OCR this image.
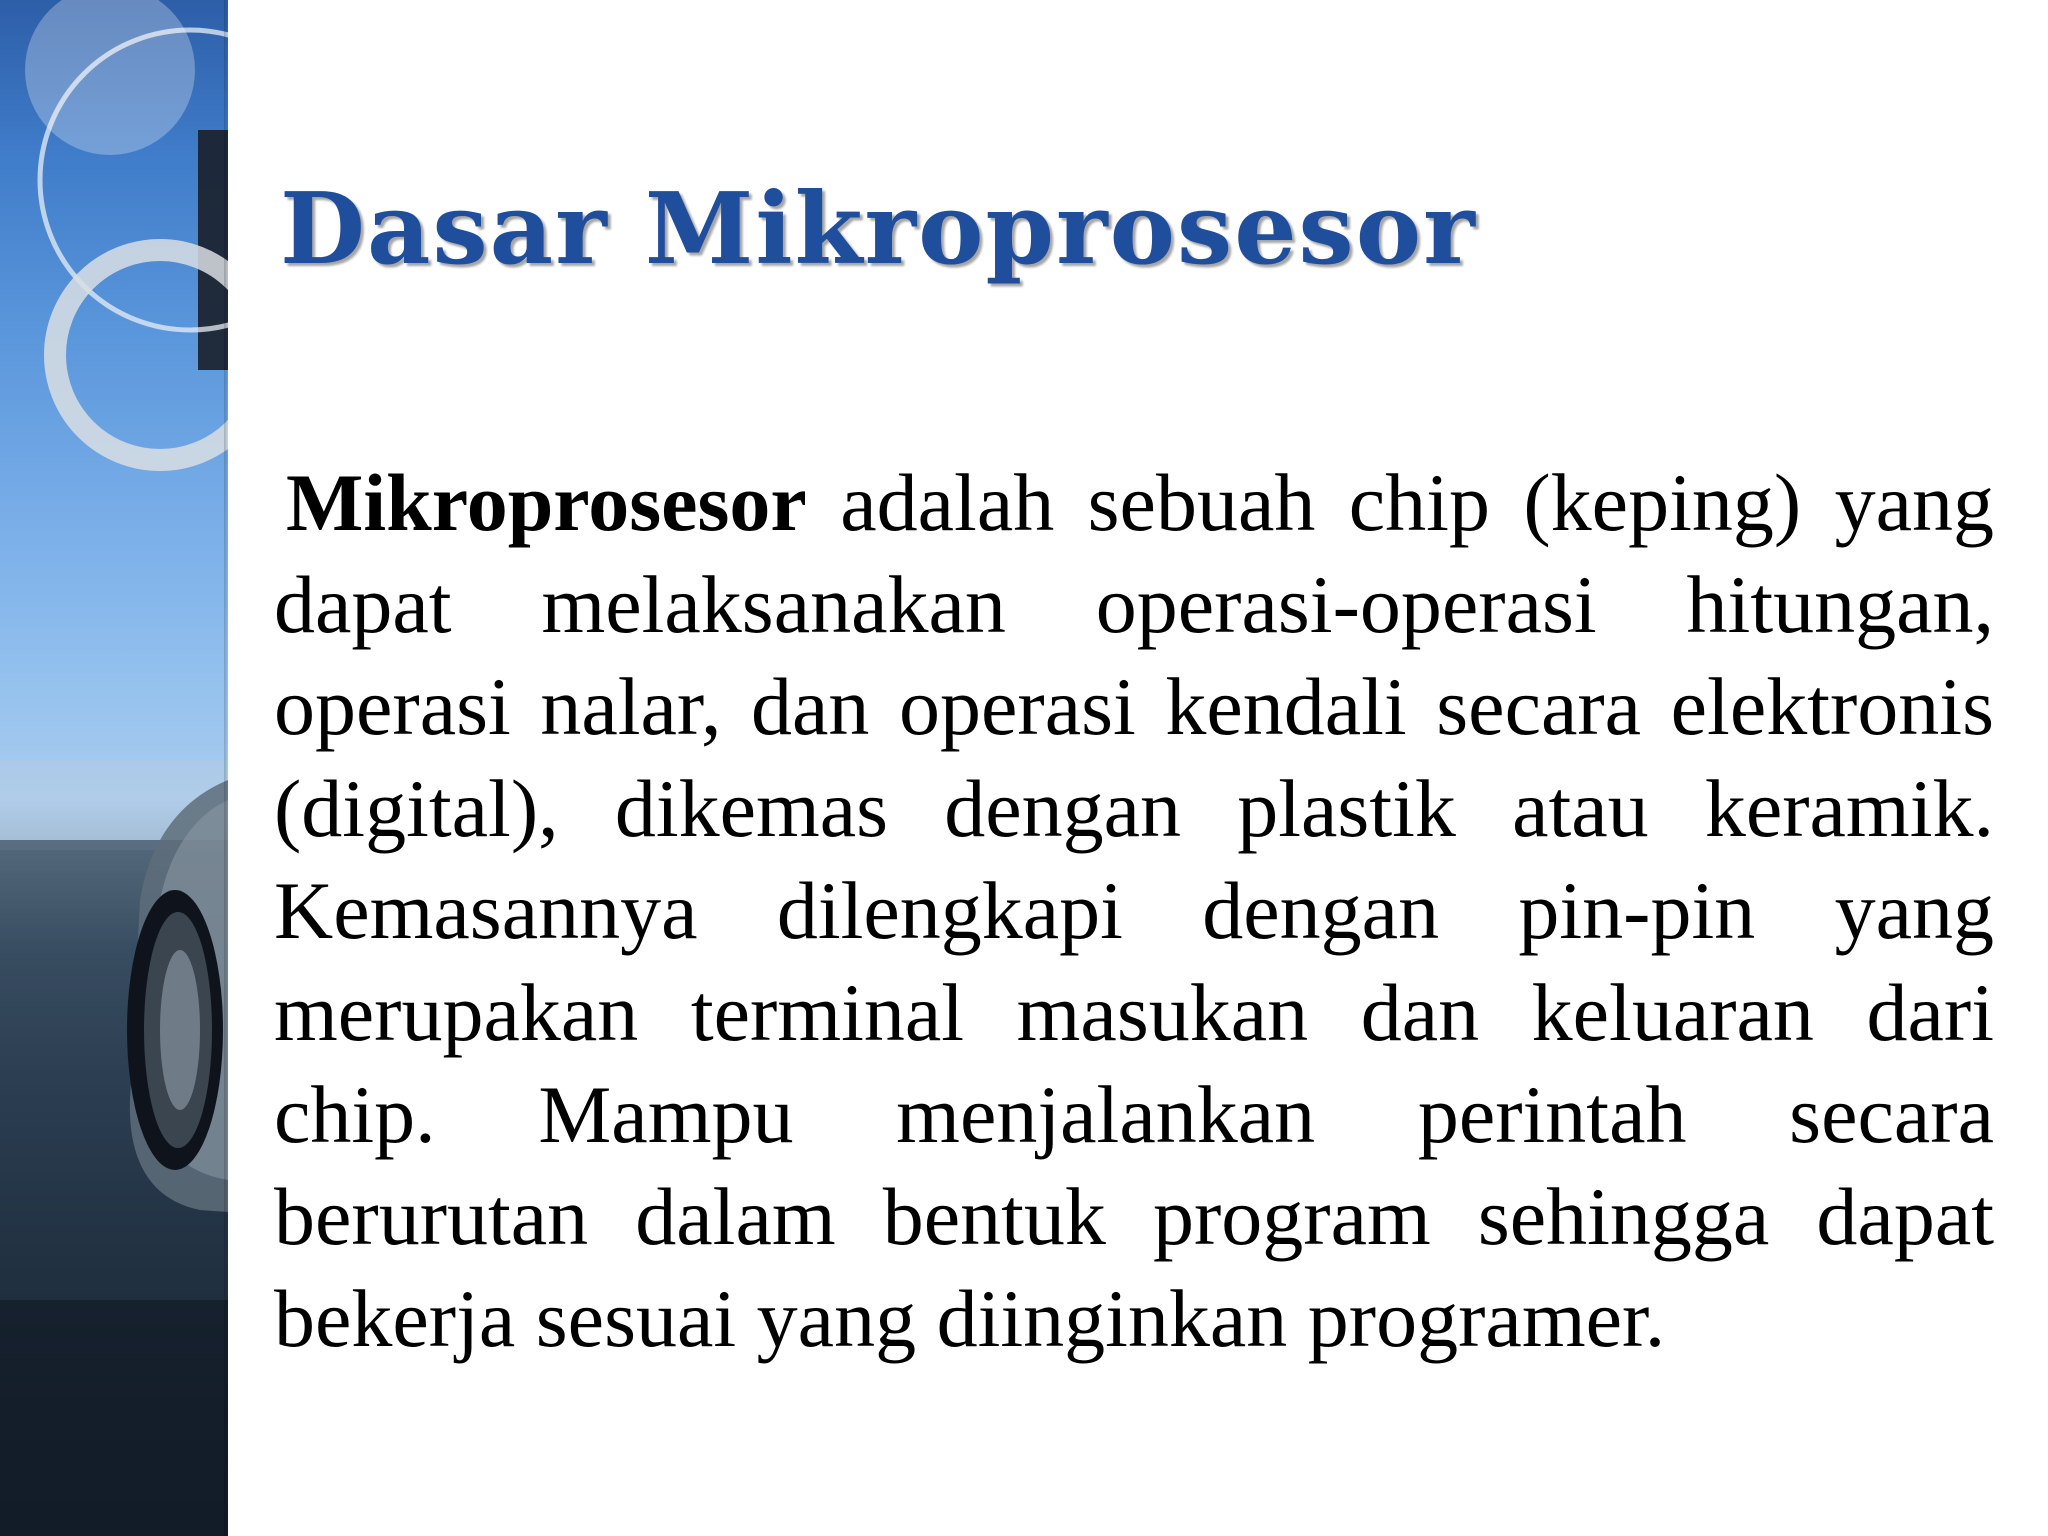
Dasar Mikroprosesor

Mikroprosesor adalah sebuah chip (keping) yang dapat melaksanakan operasi-operasi hitungan, operasi nalar, dan operasi kendali secara elektronis (digital), dikemas dengan plastik atau keramik. Kemasannya dilengkapi dengan pin-pin yang merupakan terminal masukan dan keluaran dari chip. Mampu menjalankan perintah secara berurutan dalam bentuk program sehingga dapat bekerja sesuai yang diinginkan programer.
